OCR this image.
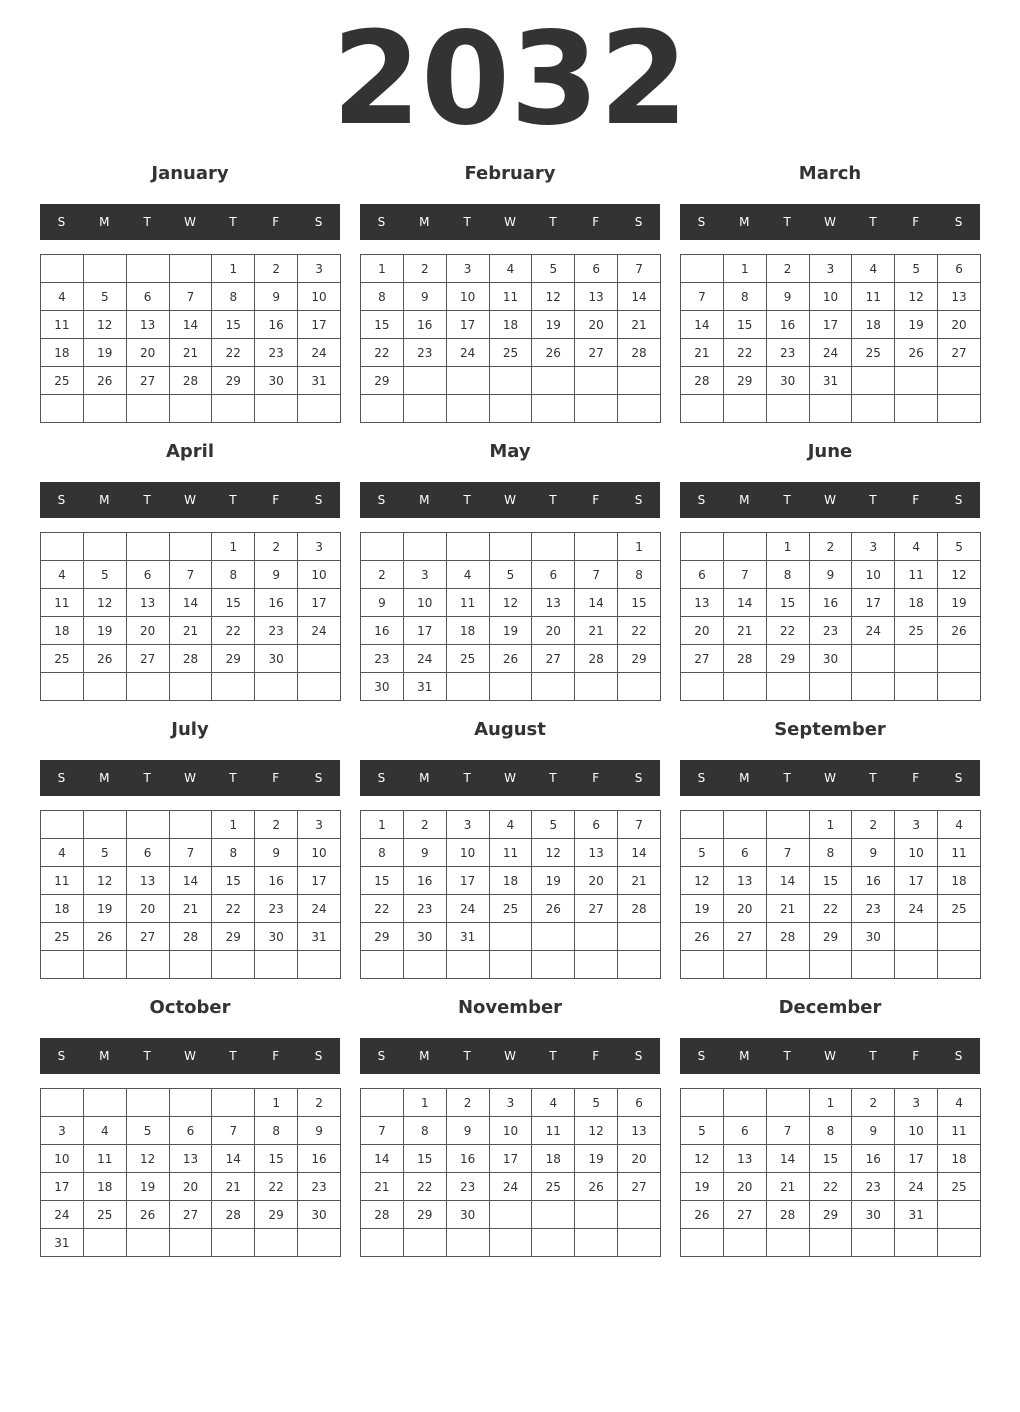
2032
January
S	M	T	W	T	F	S
				1	2	3
4	5	6	7	8	9	10
11	12	13	14	15	16	17
18	19	20	21	22	23	24
25	26	27	28	29	30	31

February
S	M	T	W	T	F	S
1	2	3	4	5	6	7
8	9	10	11	12	13	14
15	16	17	18	19	20	21
22	23	24	25	26	27	28
29						

March
S	M	T	W	T	F	S
	1	2	3	4	5	6
7	8	9	10	11	12	13
14	15	16	17	18	19	20
21	22	23	24	25	26	27
28	29	30	31			

April
S	M	T	W	T	F	S
				1	2	3
4	5	6	7	8	9	10
11	12	13	14	15	16	17
18	19	20	21	22	23	24
25	26	27	28	29	30	

May
S	M	T	W	T	F	S
						1
2	3	4	5	6	7	8
9	10	11	12	13	14	15
16	17	18	19	20	21	22
23	24	25	26	27	28	29
30	31					
June
S	M	T	W	T	F	S
		1	2	3	4	5
6	7	8	9	10	11	12
13	14	15	16	17	18	19
20	21	22	23	24	25	26
27	28	29	30			

July
S	M	T	W	T	F	S
				1	2	3
4	5	6	7	8	9	10
11	12	13	14	15	16	17
18	19	20	21	22	23	24
25	26	27	28	29	30	31

August
S	M	T	W	T	F	S
1	2	3	4	5	6	7
8	9	10	11	12	13	14
15	16	17	18	19	20	21
22	23	24	25	26	27	28
29	30	31				

September
S	M	T	W	T	F	S
			1	2	3	4
5	6	7	8	9	10	11
12	13	14	15	16	17	18
19	20	21	22	23	24	25
26	27	28	29	30		

October
S	M	T	W	T	F	S
					1	2
3	4	5	6	7	8	9
10	11	12	13	14	15	16
17	18	19	20	21	22	23
24	25	26	27	28	29	30
31						
November
S	M	T	W	T	F	S
	1	2	3	4	5	6
7	8	9	10	11	12	13
14	15	16	17	18	19	20
21	22	23	24	25	26	27
28	29	30				

December
S	M	T	W	T	F	S
			1	2	3	4
5	6	7	8	9	10	11
12	13	14	15	16	17	18
19	20	21	22	23	24	25
26	27	28	29	30	31	
